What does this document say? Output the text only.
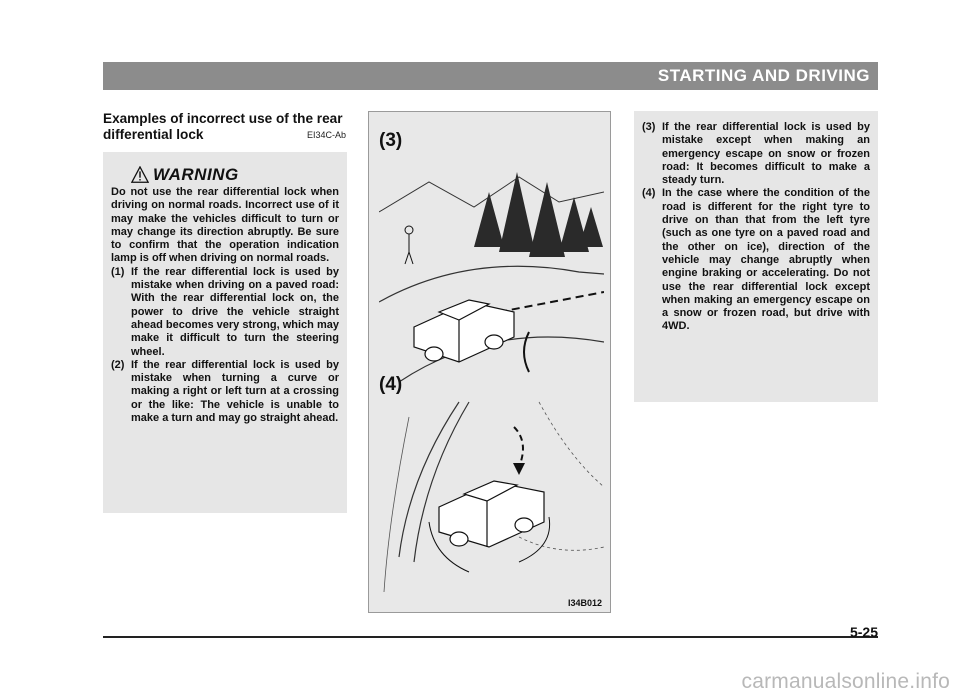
STARTING AND DRIVING
Examples of incorrect use of the rear differential lock	EI34C-Ab
WARNING
Do not use the rear differential lock when driving on normal roads. Incorrect use of it may make the vehicles difficult to turn or may change its direction abruptly. Be sure to confirm that the operation indication lamp is off when driving on normal roads.
(1) If the rear differential lock is used by mistake when driving on a paved road: With the rear differential lock on, the power to drive the vehicle straight ahead becomes very strong, which may make it difficult to turn the steering wheel.
(2) If the rear differential lock is used by mistake when turning a curve or making a right or left turn at a crossing or the like: The vehicle is unable to make a turn and may go straight ahead.
(3)
(4)
I34B012
(3) If the rear differential lock is used by mistake except when making an emergency escape on snow or frozen road: It becomes difficult to make a steady turn.
(4) In the case where the condition of the road is different for the right tyre to drive on than that from the left tyre (such as one tyre on a paved road and the other on ice), direction of the vehicle may change abruptly when engine braking or accelerating. Do not use the rear differential lock except when making an emergency escape on a snow or frozen road, but drive with 4WD.
5-25
carmanualsonline.info
